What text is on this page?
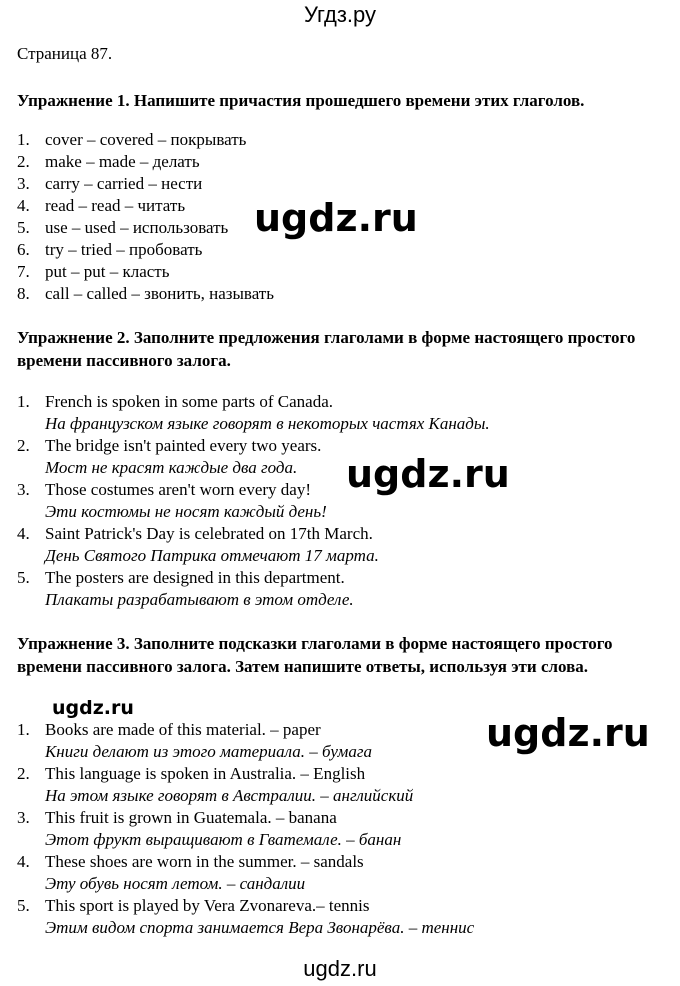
Угдз.ру
Страница 87.
Упражнение 1. Напишите причастия прошедшего времени этих глаголов.
1. cover – covered – покрывать
2. make – made – делать
3. carry – carried – нести
4. read – read – читать
5. use – used – использовать
6. try – tried – пробовать
7. put – put – класть
8. call – called – звонить, называть
Упражнение 2. Заполните предложения глаголами в форме настоящего простого времени пассивного залога.
1. French is spoken in some parts of Canada.
На французском языке говорят в некоторых частях Канады.
2. The bridge isn't painted every two years.
Мост не красят каждые два года.
3. Those costumes aren't worn every day!
Эти костюмы не носят каждый день!
4. Saint Patrick's Day is celebrated on 17th March.
День Святого Патрика отмечают 17 марта.
5. The posters are designed in this department.
Плакаты разрабатывают в этом отделе.
Упражнение 3. Заполните подсказки глаголами в форме настоящего простого времени пассивного залога. Затем напишите ответы, используя эти слова.
1. Books are made of this material. – paper
Книги делают из этого материала. – бумага
2. This language is spoken in Australia. – English
На этом языке говорят в Австралии. – английский
3. This fruit is grown in Guatemala. – banana
Этот фрукт выращивают в Гватемале. – банан
4. These shoes are worn in the summer. – sandals
Эту обувь носят летом. – сандалии
5. This sport is played by Vera Zvonareva.– tennis
Этим видом спорта занимается Вера Звонарёва. – теннис
ugdz.ru
ugdz.ru
ugdz.ru
ugdz.ru
ugdz.ru
